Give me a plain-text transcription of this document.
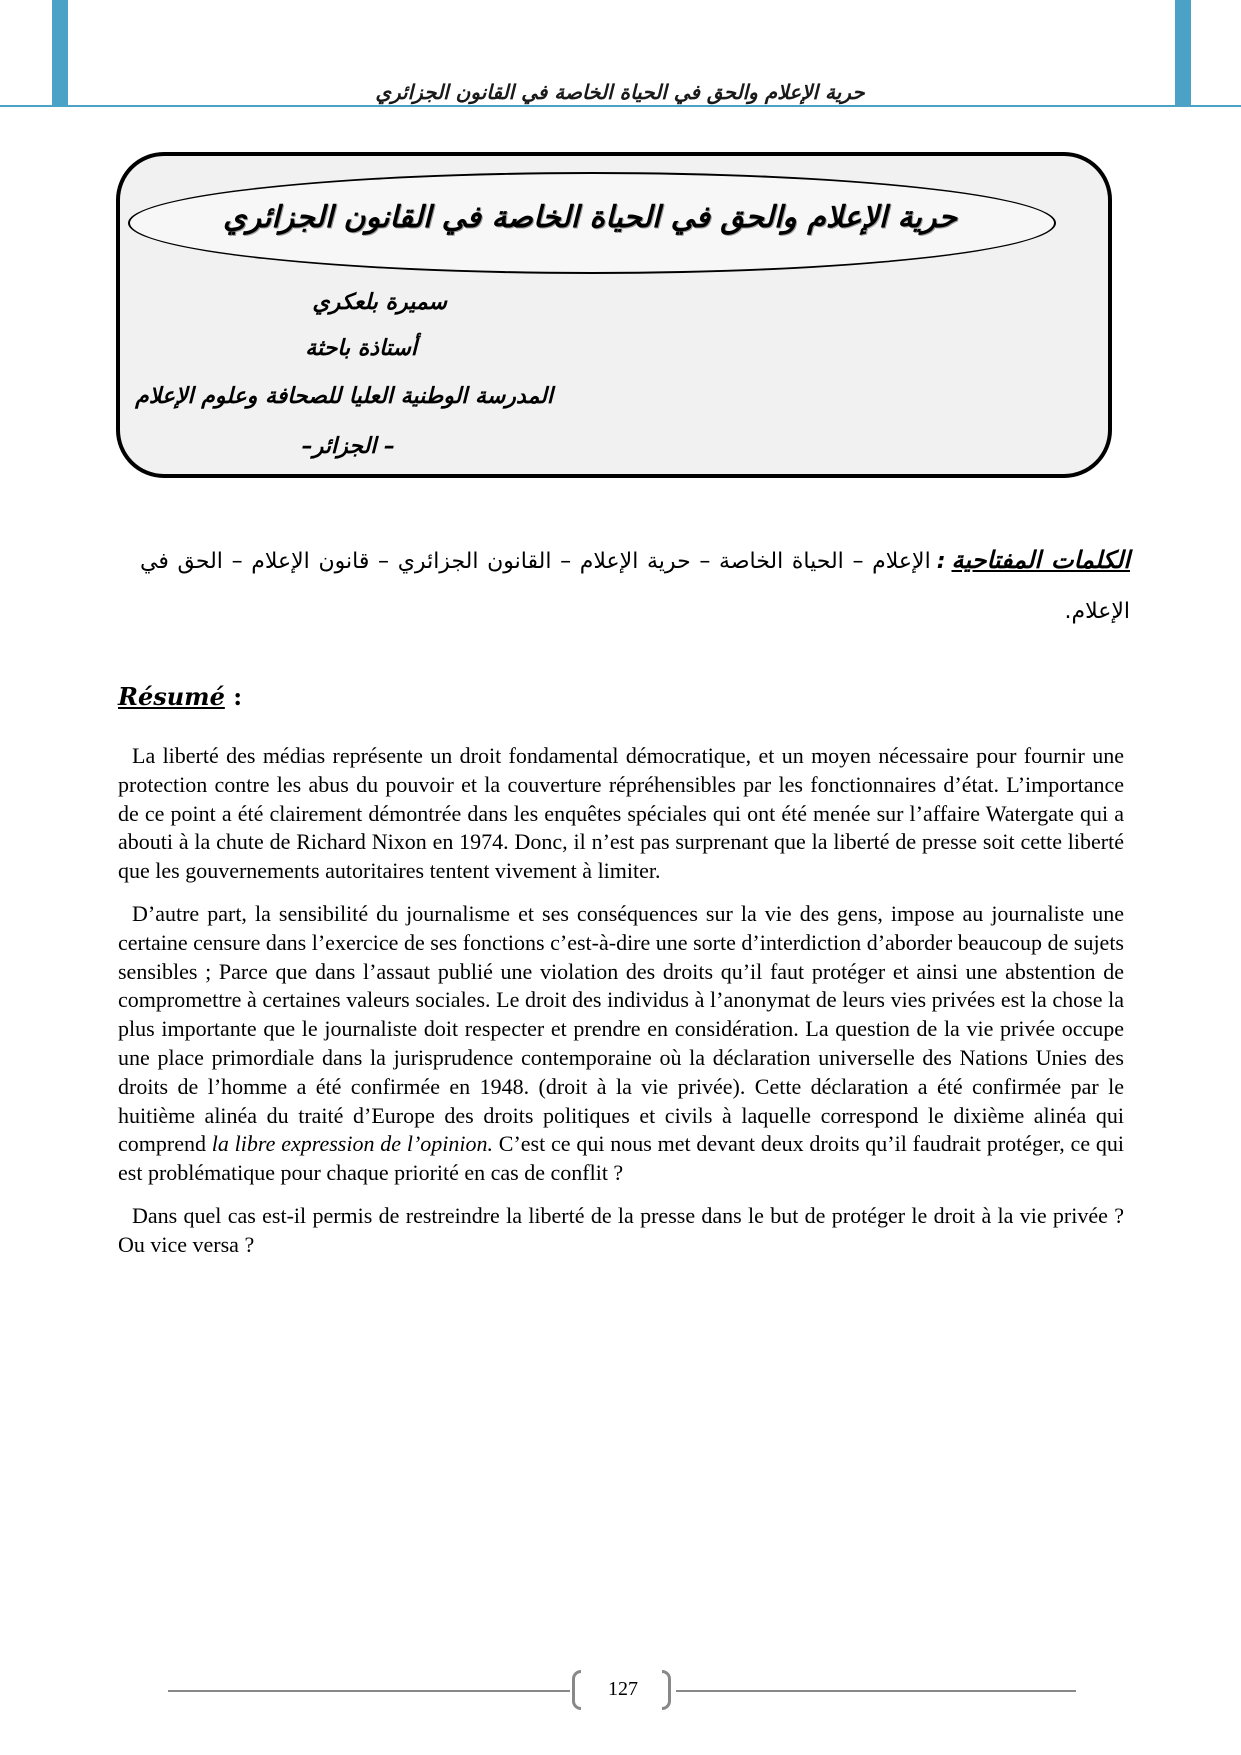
حرية الإعلام والحق في الحياة الخاصة في القانون الجزائري
حرية الإعلام والحق في الحياة الخاصة في القانون الجزائري
سميرة بلعكري
أستاذة باحثة
المدرسة الوطنية العليا للصحافة وعلوم الإعلام
– الجزائر–
الكلمات المفتاحية:الإعلام – الحياة الخاصة – حرية الإعلام – القانون الجزائري – قانون الإعلام – الحق في الإعلام.
Résumé :

La liberté des médias représente un droit fondamental démocratique, et un moyen nécessaire pour fournir une protection contre les abus du pouvoir et la couverture répréhensibles par les fonctionnaires d’état. L’importance de ce point a été clairement démontrée dans les enquêtes spéciales qui ont été menée sur l’affaire Watergate qui a abouti à la chute de Richard Nixon en 1974. Donc, il n’est pas surprenant que la liberté de presse soit cette liberté que les gouvernements autoritaires tentent vivement à limiter.

D’autre part, la sensibilité du journalisme et ses conséquences sur la vie des gens, impose au journaliste une certaine censure dans l’exercice de ses fonctions c’est-à-dire une sorte d’interdiction d’aborder beaucoup de sujets sensibles ; Parce que dans l’assaut publié une violation des droits qu’il faut protéger et ainsi une abstention de compromettre à certaines valeurs sociales. Le droit des individus à l’anonymat de leurs vies privées est la chose la plus importante que le journaliste doit respecter et prendre en considération. La question de la vie privée occupe une place primordiale dans la jurisprudence contemporaine où la déclaration universelle des Nations Unies des droits de l’homme a été confirmée en 1948. (droit à la vie privée). Cette déclaration a été confirmée par le huitième alinéa du traité d’Europe des droits politiques et civils à laquelle correspond le dixième alinéa qui comprend la libre expression de l’opinion. C’est ce qui nous met devant deux droits qu’il faudrait protéger, ce qui est problématique pour chaque priorité en cas de conflit ?

Dans quel cas est-il permis de restreindre la liberté de la presse dans le but de protéger le droit à la vie privée ? Ou vice versa ?

127
